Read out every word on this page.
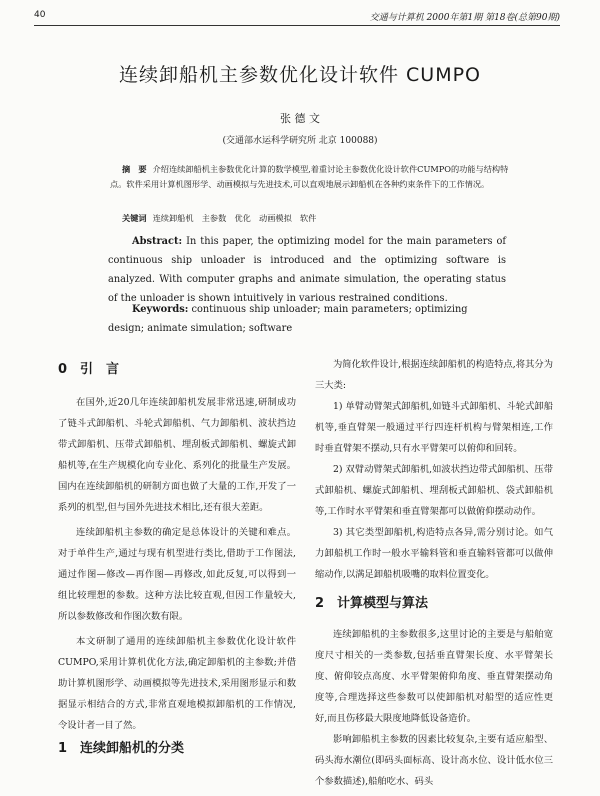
40	交通与计算机 2000年第1期 第18卷(总第90期)
连续卸船机主参数优化设计软件 CUMPO
张 德 文
(交通部水运科学研究所 北京 100088)
摘　要 介绍连续卸船机主参数优化计算的数学模型,着重讨论主参数优化设计软件CUMPO的功能与结构特点。软件采用计算机图形学、动画模拟与先进技术,可以直观地展示卸船机在各种约束条件下的工作情况。
关键词 连续卸船机　主参数　优化　动画模拟　软件
Abstract: In this paper, the optimizing model for the main parameters of continuous ship unloader is introduced and the optimizing software is analyzed. With computer graphs and animate simulation, the operating status of the unloader is shown intuitively in various restrained conditions.
Keywords: continuous ship unloader; main parameters; optimizing design; animate simulation; software
0 引　言

在国外,近20几年连续卸船机发展非常迅速,研制成功了链斗式卸船机、斗轮式卸船机、气力卸船机、波状挡边带式卸船机、压带式卸船机、埋刮板式卸船机、螺旋式卸船机等,在生产规模化向专业化、系列化的批量生产发展。国内在连续卸船机的研制方面也做了大量的工作,开发了一系列的机型,但与国外先进技术相比,还有很大差距。

连续卸船机主参数的确定是总体设计的关键和难点。对于单件生产,通过与现有机型进行类比,借助于工作图法,通过作图—修改—再作图—再修改,如此反复,可以得到一组比较理想的参数。这种方法比较直观,但因工作量较大,所以参数修改和作图次数有限。

本文研制了通用的连续卸船机主参数优化设计软件CUMPO,采用计算机优化方法,确定卸船机的主参数;并借助计算机图形学、动画模拟等先进技术,采用图形显示和数据显示相结合的方式,非常直观地模拟卸船机的工作情况,令设计者一目了然。

1 连续卸船机的分类

为简化软件设计,根据连续卸船机的构造特点,将其分为三大类:

1) 单臂动臂架式卸船机,如链斗式卸船机、斗轮式卸船机等,垂直臂架一般通过平行四连杆机构与臂架相连,工作时垂直臂架不摆动,只有水平臂架可以俯仰和回转。

2) 双臂动臂架式卸船机,如波状挡边带式卸船机、压带式卸船机、螺旋式卸船机、埋刮板式卸船机、袋式卸船机等,工作时水平臂架和垂直臂架都可以做俯仰摆动动作。

3) 其它类型卸船机,构造特点各异,需分别讨论。如气力卸船机工作时一般水平输料管和垂直输料管都可以做伸缩动作,以满足卸船机吸嘴的取料位置变化。

2 计算模型与算法

连续卸船机的主参数很多,这里讨论的主要是与船舶宽度尺寸相关的一类参数,包括垂直臂架长度、水平臂架长度、俯仰铰点高度、水平臂架俯仰角度、垂直臂架摆动角度等,合理选择这些参数可以使卸船机对船型的适应性更好,而且伤移最大限度地降低设备造价。

影响卸船机主参数的因素比较复杂,主要有适应船型、码头海水潮位(即码头面标高、设计高水位、设计低水位三个参数描述),船舶吃水、码头
